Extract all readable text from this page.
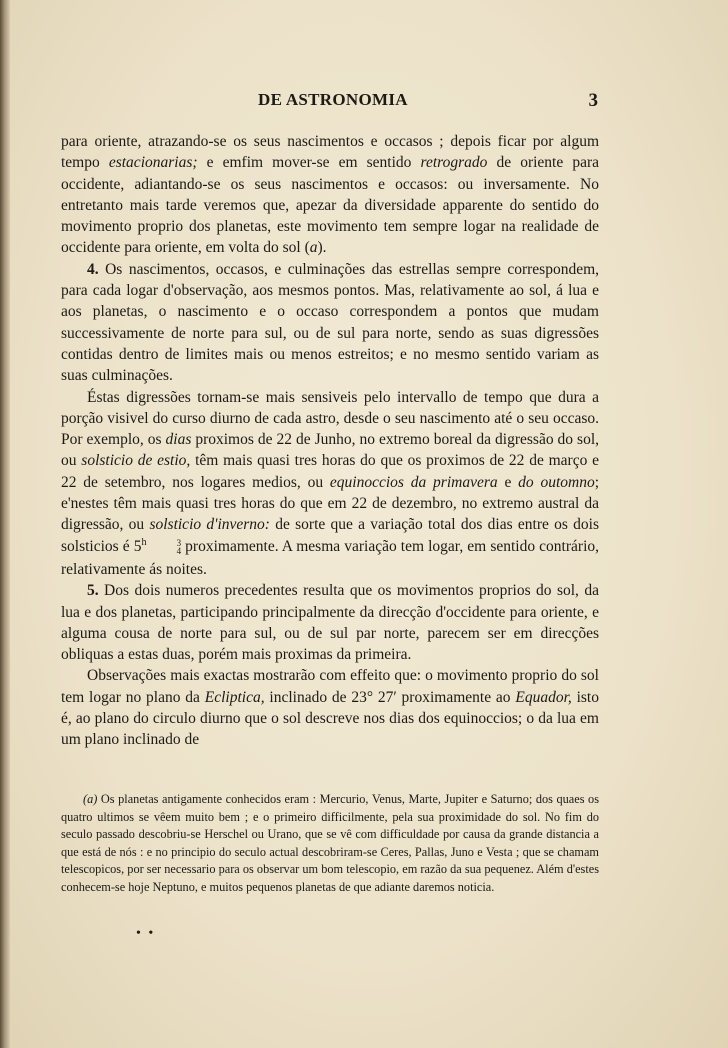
DE ASTRONOMIA	3

para oriente, atrazando-se os seus nascimentos e occasos ; depois ficar por algum tempo estacionarias; e emfim mover-se em sentido retrogrado de oriente para occidente, adiantando-se os seus nascimentos e occasos: ou inversamente. No entretanto mais tarde veremos que, apezar da diversidade apparente do sentido do movimento proprio dos planetas, este movimento tem sempre logar na realidade de occidente para oriente, em volta do sol (a).

4. Os nascimentos, occasos, e culminações das estrellas sempre correspondem, para cada logar d'observação, aos mesmos pontos. Mas, relativamente ao sol, á lua e aos planetas, o nascimento e o occaso correspondem a pontos que mudam successivamente de norte para sul, ou de sul para norte, sendo as suas digressões contidas dentro de limites mais ou menos estreitos; e no mesmo sentido variam as suas culminações.

Éstas digressões tornam-se mais sensiveis pelo intervallo de tempo que dura a porção visivel do curso diurno de cada astro, desde o seu nascimento até o seu occaso. Por exemplo, os dias proximos de 22 de Junho, no extremo boreal da digressão do sol, ou solsticio de estio, têm mais quasi tres horas do que os proximos de 22 de março e 22 de setembro, nos logares medios, ou equinoccios da primavera e do outomno; e'nestes têm mais quasi tres horas do que em 22 de dezembro, no extremo austral da digressão, ou solsticio d'inverno: de sorte que a variação total dos dias entre os dois solsticios é 5$^h$	3
4 proximamente. A mesma variação tem logar, em sentido contrário, relativamente ás noites.

5. Dos dois numeros precedentes resulta que os movimentos proprios do sol, da lua e dos planetas, participando principalmente da direcção d'occidente para oriente, e alguma cousa de norte para sul, ou de sul par norte, parecem ser em direcções obliquas a estas duas, porém mais proximas da primeira.

Observações mais exactas mostrarão com effeito que: o movimento proprio do sol tem logar no plano da Ecliptica, inclinado de 23° 27′ proximamente ao Equador, isto é, ao plano do circulo diurno que o sol descreve nos dias dos equinoccios; o da lua em um plano inclinado de

(a) Os planetas antigamente conhecidos eram : Mercurio, Venus, Marte, Jupiter e Saturno; dos quaes os quatro ultimos se vêem muito bem ; e o primeiro difficilmente, pela sua proximidade do sol. No fim do seculo passado descobriu-se Herschel ou Urano, que se vê com difficuldade por causa da grande distancia a que está de nós : e no principio do seculo actual descobriram-se Ceres, Pallas, Juno e Vesta ; que se chamam telescopicos, por ser necessario para os observar um bom telescopio, em razão da sua pequenez. Além d'estes conhecem-se hoje Neptuno, e muitos pequenos planetas de que adiante daremos noticia.

• •
